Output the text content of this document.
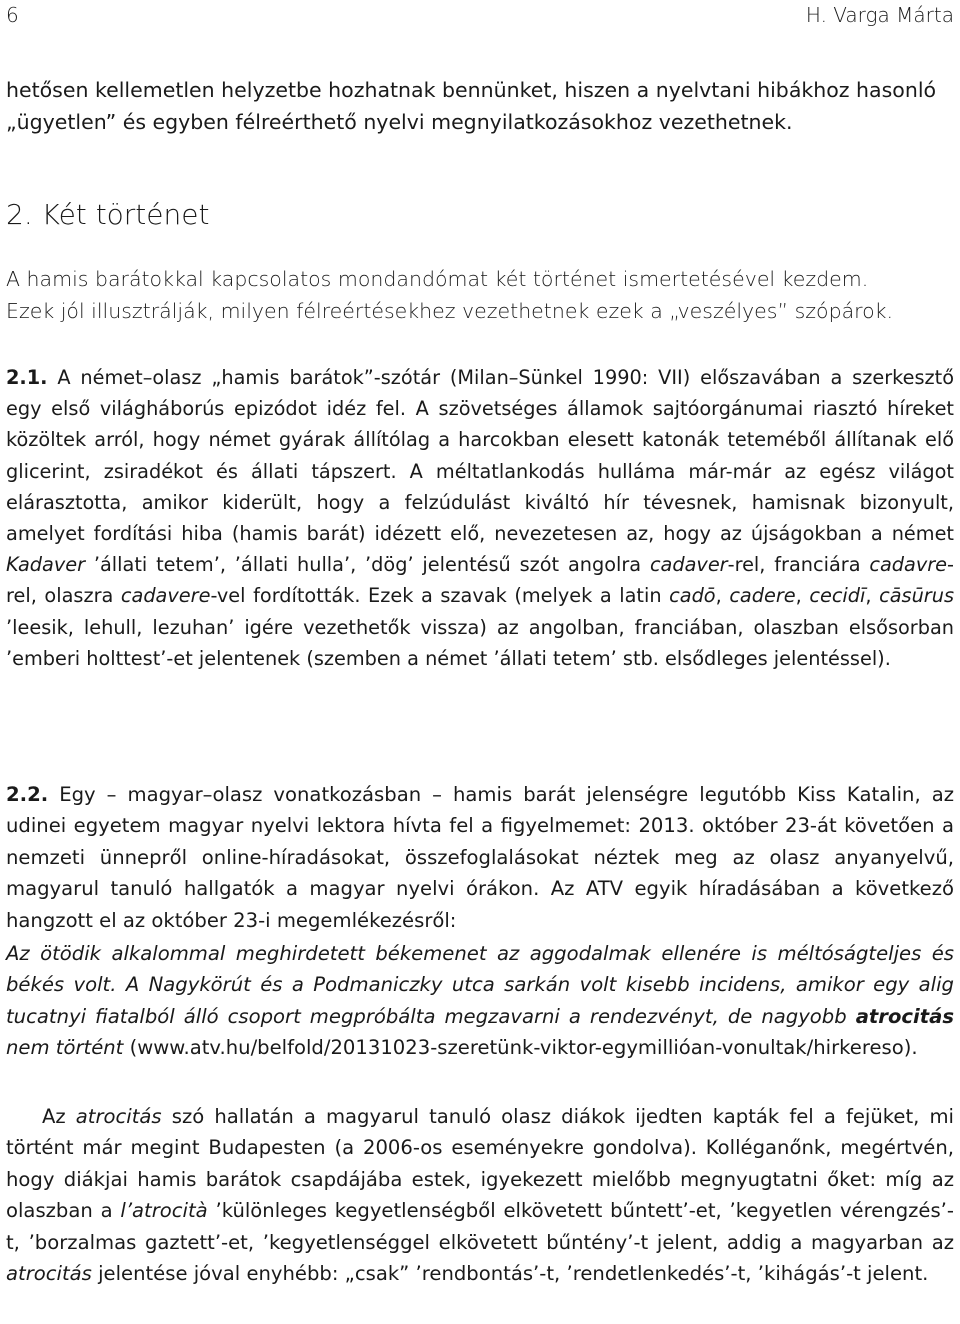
6	H. Varga Márta

hetősen kellemetlen helyzetbe hozhatnak bennünket, hiszen a nyelvtani hibákhoz hasonló
„ügyetlen” és egyben félreérthető nyelvi megnyilatkozásokhoz vezethetnek.

2. Két történet

A hamis barátokkal kapcsolatos mondandómat két történet ismertetésével kezdem.
Ezek jól illusztrálják, milyen félreértésekhez vezethetnek ezek a „veszélyes” szópárok.

2.1. A német–olasz „hamis barátok”-szótár (Milan–Sünkel 1990: VII) előszavában a szerkesztő egy első világháborús epizódot idéz fel. A szövetséges államok sajtóorgánumai riasztó híreket közöltek arról, hogy német gyárak állítólag a harcokban elesett katonák teteméből állítanak elő glicerint, zsiradékot és állati tápszert. A méltatlankodás hulláma már-már az egész világot elárasztotta, amikor kiderült, hogy a felzúdulást kiváltó hír tévesnek, hamisnak bizonyult, amelyet fordítási hiba (hamis barát) idézett elő, nevezetesen az, hogy az újságokban a német Kadaver ’állati tetem’, ’állati hulla’, ’dög’ jelentésű szót angolra cadaver-rel, franciára cadavre-rel, olaszra cadavere-vel fordították. Ezek a szavak (melyek a latin cadō, cadere, cecidī, cāsūrus ’leesik, lehull, lezuhan’ igére vezethetők vissza) az angolban, franciában, olaszban elsősorban ’emberi holttest’-et jelentenek (szemben a német ’állati tetem’ stb. elsődleges jelentéssel).

2.2. Egy – magyar–olasz vonatkozásban – hamis barát jelenségre legutóbb Kiss Katalin, az udinei egyetem magyar nyelvi lektora hívta fel a figyelmemet: 2013. október 23-át követően a nemzeti ünnepről online-híradásokat, összefoglalásokat néztek meg az olasz anyanyelvű, magyarul tanuló hallgatók a magyar nyelvi órákon. Az ATV egyik híradásában a következő hangzott el az október 23-i megemlékezésről:

Az ötödik alkalommal meghirdetett békemenet az aggodalmak ellenére is méltóságteljes és békés volt. A Nagykörút és a Podmaniczky utca sarkán volt kisebb incidens, amikor egy alig tucatnyi fiatalból álló csoport megpróbálta megzavarni a rendezvényt, de nagyobb atrocitás nem történt (www.atv.hu/belfold/20131023-szeretünk-viktor-egymillióan-vonultak/hirkereso).

Az atrocitás szó hallatán a magyarul tanuló olasz diákok ijedten kapták fel a fejüket, mi történt már megint Budapesten (a 2006-os eseményekre gondolva). Kolléganőnk, megértvén, hogy diákjai hamis barátok csapdájába estek, igyekezett mielőbb megnyugtatni őket: míg az olaszban a l’atrocità ’különleges kegyetlenségből elkövetett bűntett’-et, ’kegyetlen vérengzés’-t, ’borzalmas gaztett’-et, ’kegyetlenséggel elkövetett bűntény’-t jelent, addig a magyarban az atrocitás jelentése jóval enyhébb: „csak” ’rendbontás’-t, ’rendetlenkedés’-t, ’kihágás’-t jelent.
